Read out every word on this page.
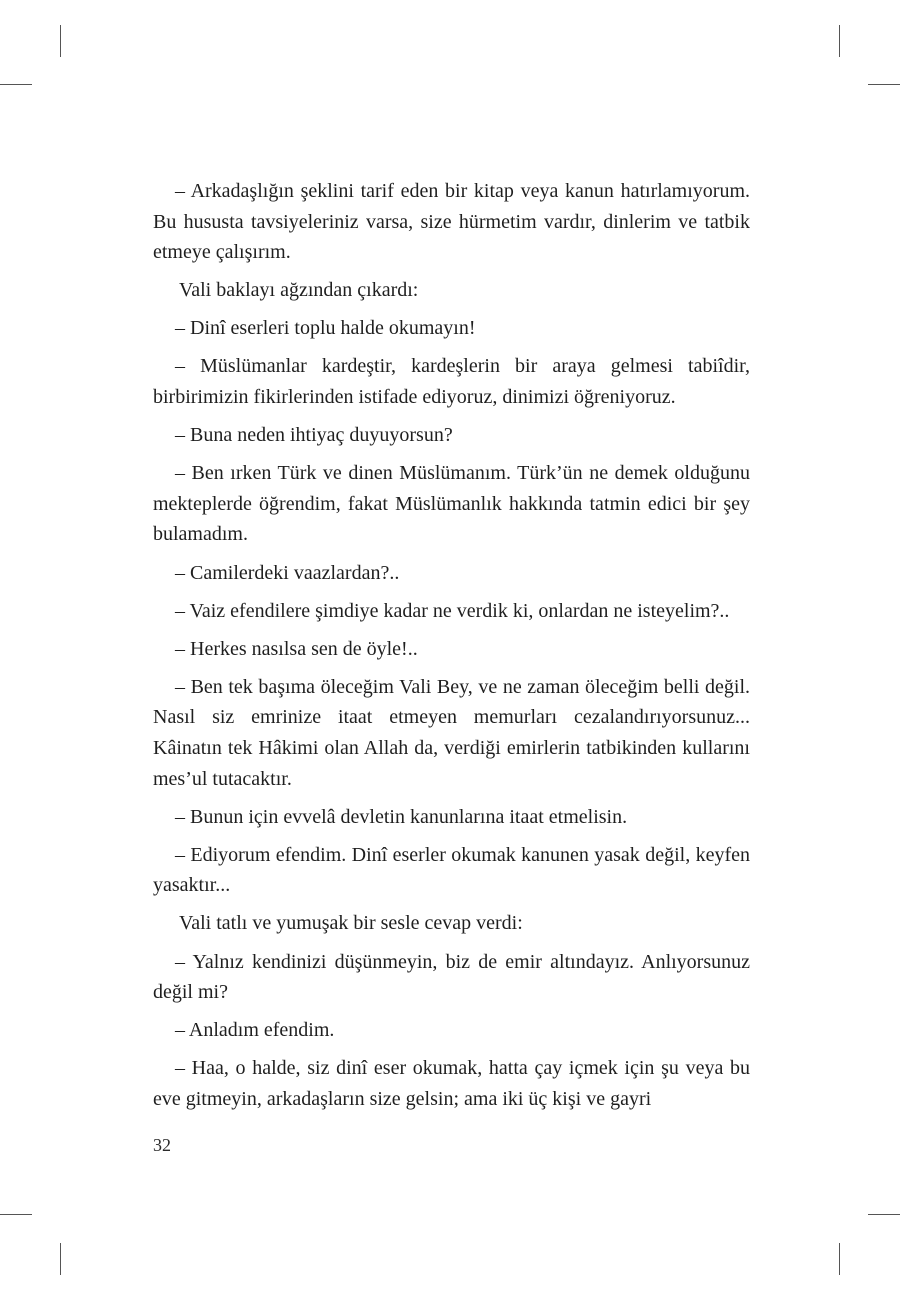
– Arkadaşlığın şeklini tarif eden bir kitap veya kanun hatırlamıyorum. Bu hususta tavsiyeleriniz varsa, size hürmetim vardır, dinlerim ve tatbik etmeye çalışırım.

Vali baklayı ağzından çıkardı:

– Dinî eserleri toplu halde okumayın!

– Müslümanlar kardeştir, kardeşlerin bir araya gelmesi tabiîdir, birbirimizin fikirlerinden istifade ediyoruz, dinimizi öğreniyoruz.

– Buna neden ihtiyaç duyuyorsun?

– Ben ırken Türk ve dinen Müslümanım. Türk’ün ne demek olduğunu mekteplerde öğrendim, fakat Müslümanlık hakkında tatmin edici bir şey bulamadım.

– Camilerdeki vaazlardan?..

– Vaiz efendilere şimdiye kadar ne verdik ki, onlardan ne isteyelim?..

– Herkes nasılsa sen de öyle!..

– Ben tek başıma öleceğim Vali Bey, ve ne zaman öleceğim belli değil. Nasıl siz emrinize itaat etmeyen memurları cezalandırıyorsunuz... Kâinatın tek Hâkimi olan Allah da, verdiği emirlerin tatbikinden kullarını mes’ul tutacaktır.

– Bunun için evvelâ devletin kanunlarına itaat etmelisin.

– Ediyorum efendim. Dinî eserler okumak kanunen yasak değil, keyfen yasaktır...

Vali tatlı ve yumuşak bir sesle cevap verdi:

– Yalnız kendinizi düşünmeyin, biz de emir altındayız. Anlıyorsunuz değil mi?

– Anladım efendim.

– Haa, o halde, siz dinî eser okumak, hatta çay içmek için şu veya bu eve gitmeyin, arkadaşların size gelsin; ama iki üç kişi ve gayri

32
